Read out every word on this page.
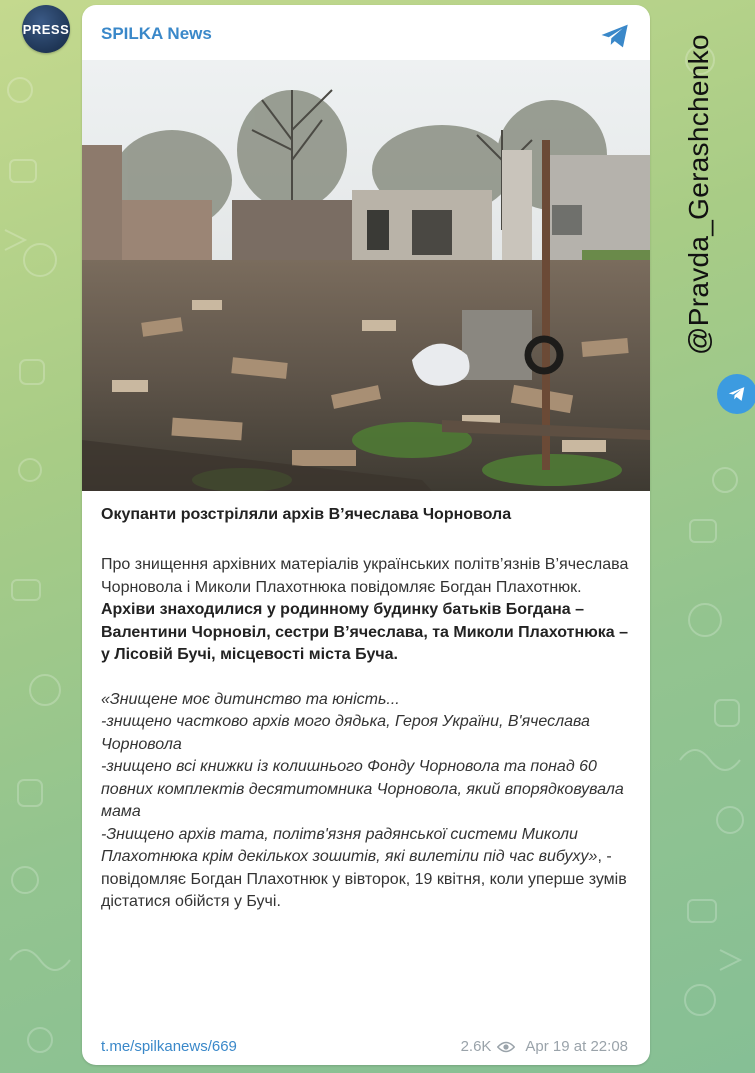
PRESS SPILKA News
Окупанти розстріляли архів В’ячеслава Чорновола
Про знищення архівних матеріалів українських політв’язнів В’ячеслава Чорновола і Миколи Плахотнюка повідомляє Богдан Плахотнюк. Архіви знаходилися у родинному будинку батьків Богдана – Валентини Чорновіл, сестри В’ячеслава, та Миколи Плахотнюка – у Лісовій Бучі, місцевості міста Буча.
«Знищене моє дитинство та юність...
-знищено частково архів мого дядька, Героя України, В'ячеслава Чорновола
-знищено всі книжки із колишнього Фонду Чорновола та понад 60 повних комплектів десятитомника Чорновола, який впорядковувала мама
-Знищено архів тата, політв'язня радянської системи Миколи Плахотнюка крім декількох зошитів, які вилетіли під час вибуху», - повідомляє Богдан Плахотнюк у вівторок, 19 квітня, коли уперше зумів дістатися обійстя у Бучі.
t.me/spilkanews/669	2.6K Apr 19 at 22:08
@Pravda_Gerashchenko
